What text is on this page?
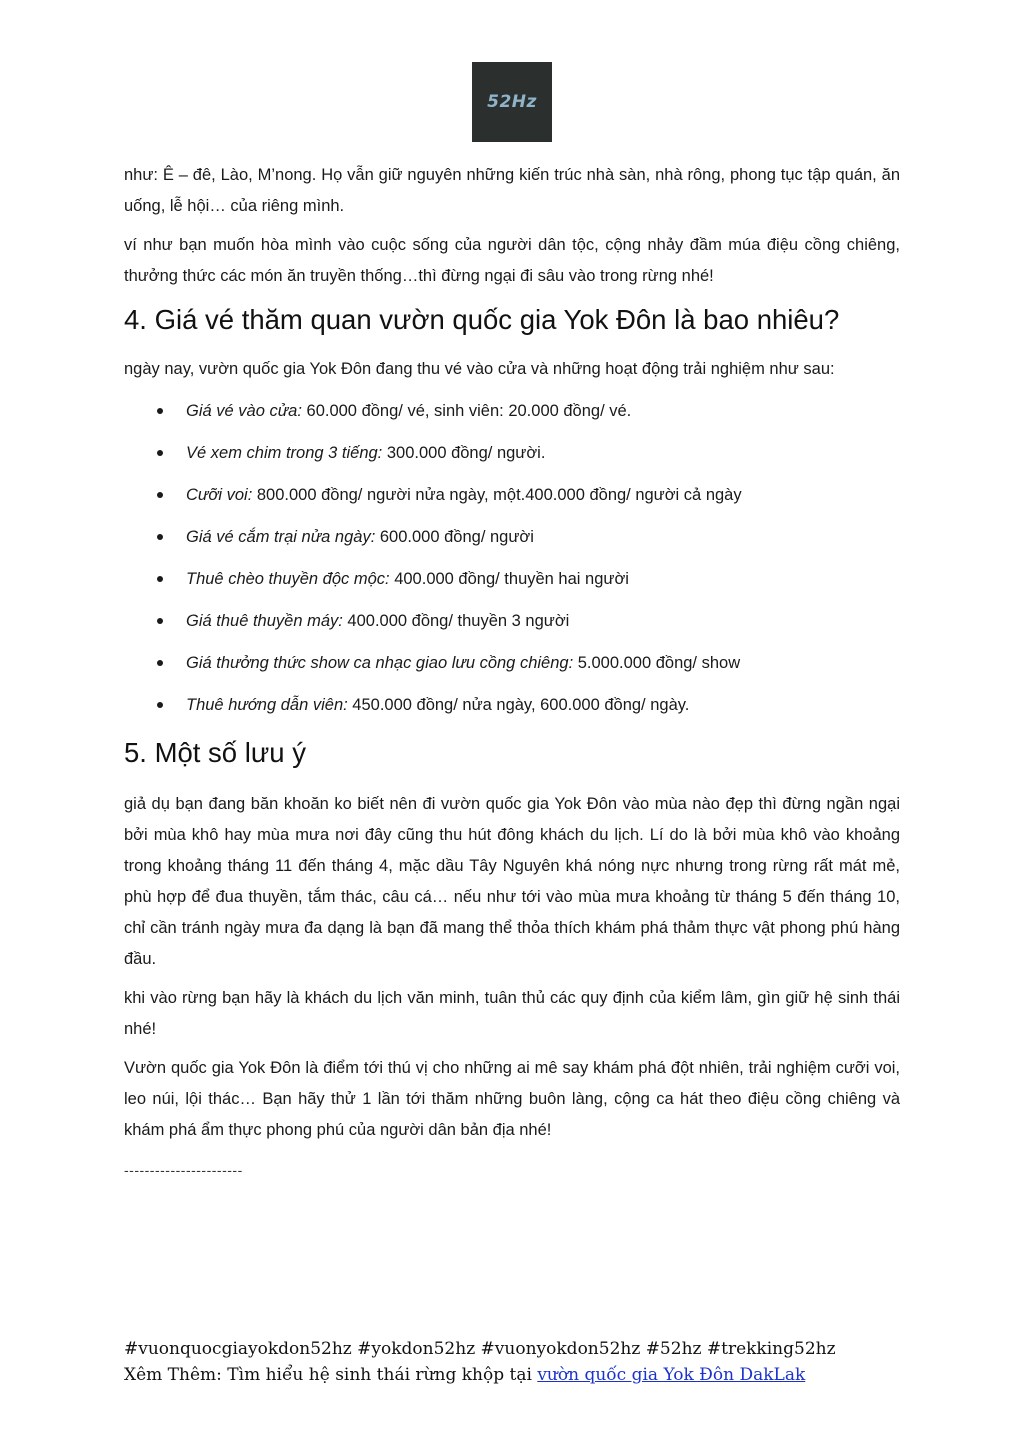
52Hz

như: Ê – đê, Lào, M’nong. Họ vẫn giữ nguyên những kiến trúc nhà sàn, nhà rông, phong tục tập quán, ăn uống, lễ hội… của riêng mình.

ví như bạn muốn hòa mình vào cuộc sống của người dân tộc, cộng nhảy đầm múa điệu cồng chiêng, thưởng thức các món ăn truyền thống…thì đừng ngại đi sâu vào trong rừng nhé!

4. Giá vé thăm quan vườn quốc gia Yok Đôn là bao nhiêu?

ngày nay, vườn quốc gia Yok Đôn đang thu vé vào cửa và những hoạt động trải nghiệm như sau:

Giá vé vào cửa: 60.000 đồng/ vé, sinh viên: 20.000 đồng/ vé.
Vé xem chim trong 3 tiếng: 300.000 đồng/ người.
Cưỡi voi: 800.000 đồng/ người nửa ngày, một.400.000 đồng/ người cả ngày
Giá vé cắm trại nửa ngày: 600.000 đồng/ người
Thuê chèo thuyền độc mộc: 400.000 đồng/ thuyền hai người
Giá thuê thuyền máy: 400.000 đồng/ thuyền 3 người
Giá thưởng thức show ca nhạc giao lưu cồng chiêng: 5.000.000 đồng/ show
Thuê hướng dẫn viên: 450.000 đồng/ nửa ngày, 600.000 đồng/ ngày.
5. Một số lưu ý

giả dụ bạn đang băn khoăn ko biết nên đi vườn quốc gia Yok Đôn vào mùa nào đẹp thì đừng ngần ngại bởi mùa khô hay mùa mưa nơi đây cũng thu hút đông khách du lịch. Lí do là bởi mùa khô vào khoảng trong khoảng tháng 11 đến tháng 4, mặc dầu Tây Nguyên khá nóng nực nhưng trong rừng rất mát mẻ, phù hợp để đua thuyền, tắm thác, câu cá… nếu như tới vào mùa mưa khoảng từ tháng 5 đến tháng 10, chỉ cần tránh ngày mưa đa dạng là bạn đã mang thể thỏa thích khám phá thảm thực vật phong phú hàng đầu.

khi vào rừng bạn hãy là khách du lịch văn minh, tuân thủ các quy định của kiểm lâm, gìn giữ hệ sinh thái nhé!

Vườn quốc gia Yok Đôn là điểm tới thú vị cho những ai mê say khám phá đột nhiên, trải nghiệm cưỡi voi, leo núi, lội thác… Bạn hãy thử 1 lần tới thăm những buôn làng, cộng ca hát theo điệu cồng chiêng và khám phá ẩm thực phong phú của người dân bản địa nhé!

-----------------------
#vuonquocgiayokdon52hz #yokdon52hz #vuonyokdon52hz #52hz #trekking52hz
Xêm Thêm: Tìm hiểu hệ sinh thái rừng khộp tại vườn quốc gia Yok Đôn DakLak
